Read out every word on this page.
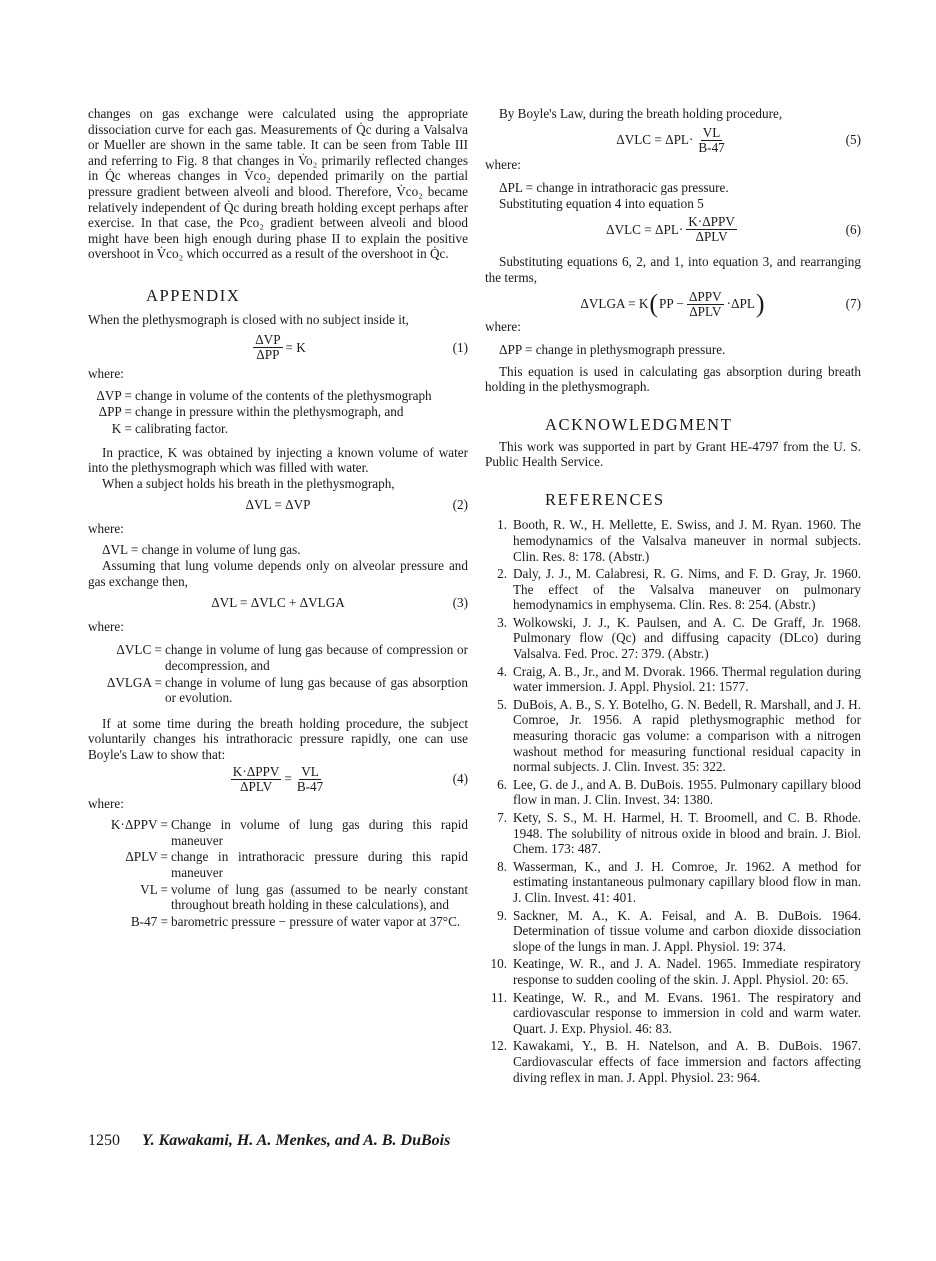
changes on gas exchange were calculated using the appropriate dissociation curve for each gas. Measurements of Q̇c during a Valsalva or Mueller are shown in the same table. It can be seen from Table III and referring to Fig. 8 that changes in V̇o₂ primarily reflected changes in Q̇c whereas changes in V̇co₂ depended primarily on the partial pressure gradient between alveoli and blood. Therefore, V̇co₂ became relatively independent of Q̇c during breath holding except perhaps after exercise. In that case, the Pco₂ gradient between alveoli and blood might have been high enough during phase II to explain the positive overshoot in V̇co₂ which occurred as a result of the overshoot in Q̇c.

APPENDIX

When the plethysmograph is closed with no subject inside it,

$\frac{\text{ΔVP}}{\text{ΔPP}} = K$	(1)

where:

ΔVP = change in volume of the contents of the plethysmograph
ΔPP = change in pressure within the plethysmograph, and
K = calibrating factor.

In practice, K was obtained by injecting a known volume of water into the plethysmograph which was filled with water.

When a subject holds his breath in the plethysmograph,

ΔVL = ΔVP	(2)

where:

ΔVL = change in volume of lung gas.

Assuming that lung volume depends only on alveolar pressure and gas exchange then,

ΔVL = ΔVLC + ΔVLGA	(3)

where:

ΔVLC = change in volume of lung gas because of compression or decompression, and
ΔVLGA = change in volume of lung gas because of gas absorption or evolution.

If at some time during the breath holding procedure, the subject voluntarily changes his intrathoracic pressure rapidly, one can use Boyle's Law to show that:

$\frac{\text{K·ΔPPV}}{\text{ΔPLV}} = \frac{VL}{B-47}$	(4)

where:

K·ΔPPV = Change in volume of lung gas during this rapid maneuver
ΔPLV = change in intrathoracic pressure during this rapid maneuver
VL = volume of lung gas (assumed to be nearly constant throughout breath holding in these calculations), and
B-47 = barometric pressure − pressure of water vapor at 37°C.

By Boyle's Law, during the breath holding procedure,

$\Delta VLC = \Delta PL\cdot \frac{VL}{B-47}$	(5)

where:

ΔPL = change in intrathoracic gas pressure.

Substituting equation 4 into equation 5

$\Delta VLC = \Delta PL\cdot \frac{\text{K·ΔPPV}}{\text{ΔPLV}}$	(6)

Substituting equations 6, 2, and 1, into equation 3, and rearranging the terms,

ΔVLGA = K ( PP − $\frac{\text{ΔPPV}}{\text{ΔPLV}} \cdot\Delta PL$ )	(7)

where:

ΔPP = change in plethysmograph pressure.

This equation is used in calculating gas absorption during breath holding in the plethysmograph.

ACKNOWLEDGMENT

This work was supported in part by Grant HE-4797 from the U. S. Public Health Service.

REFERENCES

1. Booth, R. W., H. Mellette, E. Swiss, and J. M. Ryan. 1960. The hemodynamics of the Valsalva maneuver in normal subjects. Clin. Res. 8: 178. (Abstr.)
2. Daly, J. J., M. Calabresi, R. G. Nims, and F. D. Gray, Jr. 1960. The effect of the Valsalva maneuver on pulmonary hemodynamics in emphysema. Clin. Res. 8: 254. (Abstr.)
3. Wolkowski, J. J., K. Paulsen, and A. C. De Graff, Jr. 1968. Pulmonary flow (Qc) and diffusing capacity (DLco) during Valsalva. Fed. Proc. 27: 379. (Abstr.)
4. Craig, A. B., Jr., and M. Dvorak. 1966. Thermal regulation during water immersion. J. Appl. Physiol. 21: 1577.
5. DuBois, A. B., S. Y. Botelho, G. N. Bedell, R. Marshall, and J. H. Comroe, Jr. 1956. A rapid plethysmographic method for measuring thoracic gas volume: a comparison with a nitrogen washout method for measuring functional residual capacity in normal subjects. J. Clin. Invest. 35: 322.
6. Lee, G. de J., and A. B. DuBois. 1955. Pulmonary capillary blood flow in man. J. Clin. Invest. 34: 1380.
7. Kety, S. S., M. H. Harmel, H. T. Broomell, and C. B. Rhode. 1948. The solubility of nitrous oxide in blood and brain. J. Biol. Chem. 173: 487.
8. Wasserman, K., and J. H. Comroe, Jr. 1962. A method for estimating instantaneous pulmonary capillary blood flow in man. J. Clin. Invest. 41: 401.
9. Sackner, M. A., K. A. Feisal, and A. B. DuBois. 1964. Determination of tissue volume and carbon dioxide dissociation slope of the lungs in man. J. Appl. Physiol. 19: 374.
10. Keatinge, W. R., and J. A. Nadel. 1965. Immediate respiratory response to sudden cooling of the skin. J. Appl. Physiol. 20: 65.
11. Keatinge, W. R., and M. Evans. 1961. The respiratory and cardiovascular response to immersion in cold and warm water. Quart. J. Exp. Physiol. 46: 83.
12. Kawakami, Y., B. H. Natelson, and A. B. DuBois. 1967. Cardiovascular effects of face immersion and factors affecting diving reflex in man. J. Appl. Physiol. 23: 964.
1250 Y. Kawakami, H. A. Menkes, and A. B. DuBois
